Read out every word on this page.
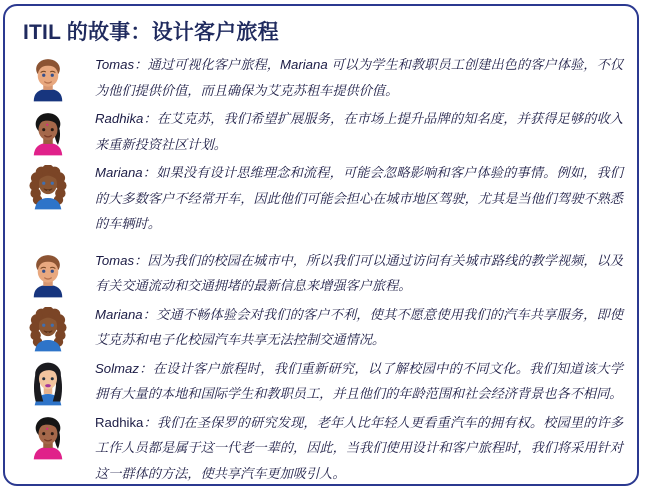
ITIL 的故事：设计客户旅程

Tomas：通过可视化客户旅程，Mariana 可以为学生和教职员工创建出色的客户体验，不仅为他们提供价值，而且确保为艾克苏租车提供价值。

Radhika：在艾克苏，我们希望扩展服务，在市场上提升品牌的知名度，并获得足够的收入来重新投资社区计划。

Mariana：如果没有设计思维理念和流程，可能会忽略影响和客户体验的事情。例如，我们的大多数客户不经常开车，因此他们可能会担心在城市地区驾驶，尤其是当他们驾驶不熟悉的车辆时。

Tomas：因为我们的校园在城市中，所以我们可以通过访问有关城市路线的教学视频，以及有关交通流动和交通拥堵的最新信息来增强客户旅程。

Mariana：交通不畅体验会对我们的客户不利，使其不愿意使用我们的汽车共享服务，即使艾克苏和电子化校园汽车共享无法控制交通情况。

Solmaz：在设计客户旅程时，我们重新研究，以了解校园中的不同文化。我们知道该大学拥有大量的本地和国际学生和教职员工，并且他们的年龄范围和社会经济背景也各不相同。

Radhika：我们在圣保罗的研究发现，老年人比年轻人更看重汽车的拥有权。校园里的许多工作人员都是属于这一代老一辈的，因此，当我们使用设计和客户旅程时，我们将采用针对这一群体的方法，使共享汽车更加吸引人。
